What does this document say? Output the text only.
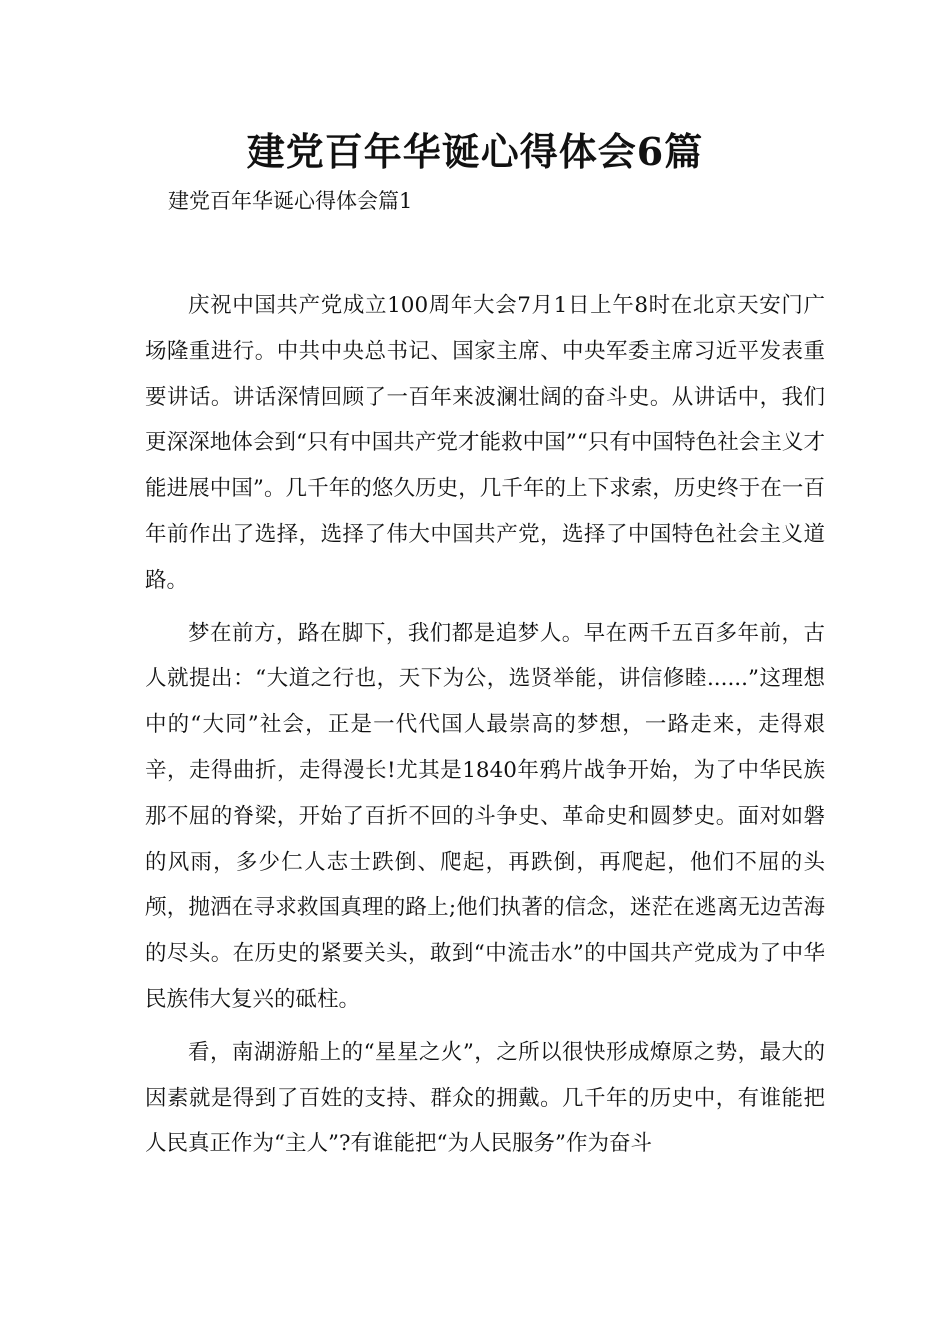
建党百年华诞心得体会6篇
建党百年华诞心得体会篇1

庆祝中国共产党成立100周年大会7月1日上午8时在北京天安门广场隆重进行。中共中央总书记、国家主席、中央军委主席习近平发表重要讲话。讲话深情回顾了一百年来波澜壮阔的奋斗史。从讲话中，我们更深深地体会到“只有中国共产党才能救中国”“只有中国特色社会主义才能进展中国”。几千年的悠久历史，几千年的上下求索，历史终于在一百年前作出了选择，选择了伟大中国共产党，选择了中国特色社会主义道路。

梦在前方，路在脚下，我们都是追梦人。早在两千五百多年前，古人就提出：“大道之行也，天下为公，选贤举能，讲信修睦......”这理想中的“大同”社会，正是一代代国人最崇高的梦想，一路走来，走得艰辛，走得曲折，走得漫长!尤其是1840年鸦片战争开始，为了中华民族那不屈的脊梁，开始了百折不回的斗争史、革命史和圆梦史。面对如磐的风雨，多少仁人志士跌倒、爬起，再跌倒，再爬起，他们不屈的头颅，抛洒在寻求救国真理的路上;他们执著的信念，迷茫在逃离无边苦海的尽头。在历史的紧要关头，敢到“中流击水”的中国共产党成为了中华民族伟大复兴的砥柱。

看，南湖游船上的“星星之火”，之所以很快形成燎原之势，最大的因素就是得到了百姓的支持、群众的拥戴。几千年的历史中，有谁能把人民真正作为“主人”?有谁能把“为人民服务”作为奋斗
